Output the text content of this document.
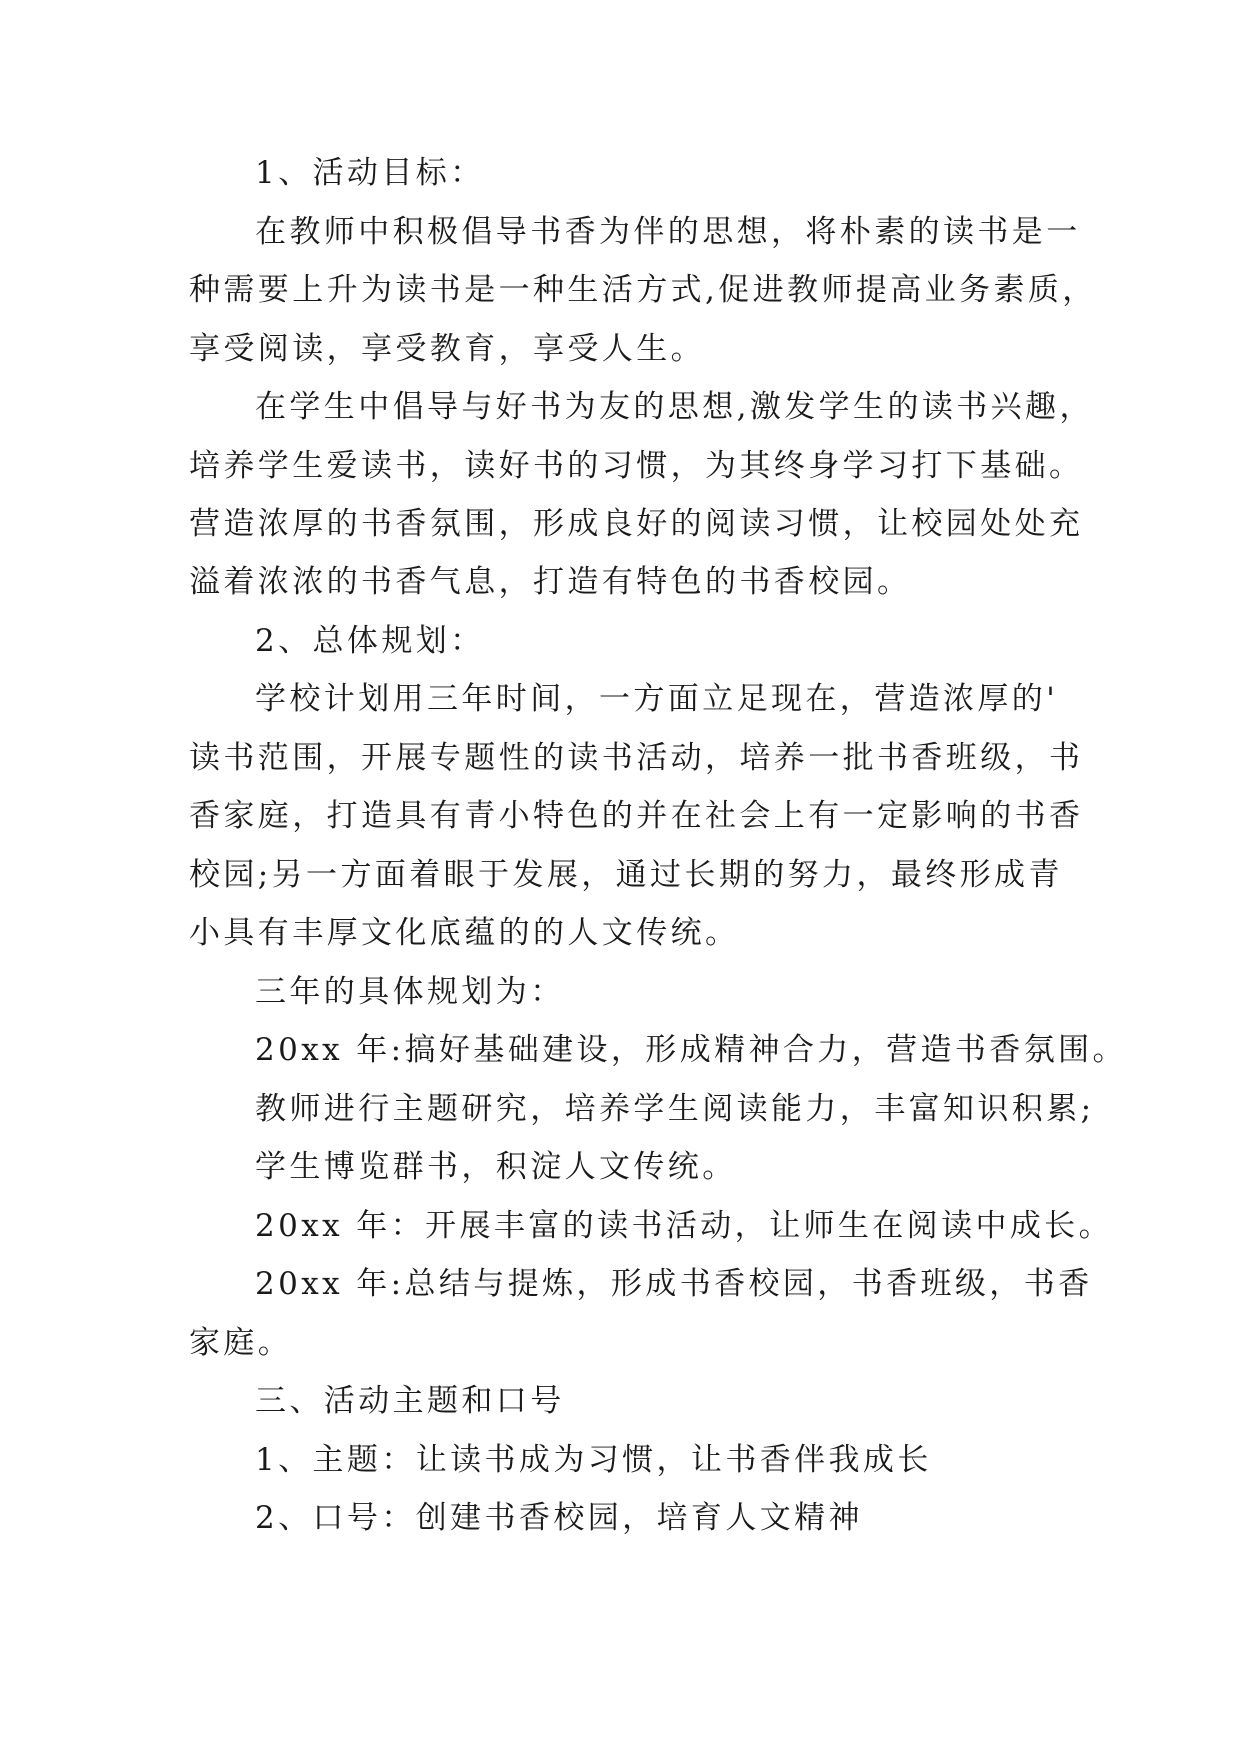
1、活动目标：
在教师中积极倡导书香为伴的思想，将朴素的读书是一
种需要上升为读书是一种生活方式,促进教师提高业务素质，
享受阅读，享受教育，享受人生。
在学生中倡导与好书为友的思想,激发学生的读书兴趣，
培养学生爱读书，读好书的习惯，为其终身学习打下基础。
营造浓厚的书香氛围，形成良好的阅读习惯，让校园处处充
溢着浓浓的书香气息，打造有特色的书香校园。
2、总体规划：
学校计划用三年时间，一方面立足现在，营造浓厚的'
读书范围，开展专题性的读书活动，培养一批书香班级，书
香家庭，打造具有青小特色的并在社会上有一定影响的书香
校园;另一方面着眼于发展，通过长期的努力，最终形成青
小具有丰厚文化底蕴的的人文传统。
三年的具体规划为：
20xx 年:搞好基础建设，形成精神合力，营造书香氛围。
教师进行主题研究，培养学生阅读能力，丰富知识积累;
学生博览群书，积淀人文传统。
20xx 年：开展丰富的读书活动，让师生在阅读中成长。
20xx 年:总结与提炼，形成书香校园，书香班级，书香
家庭。
三、活动主题和口号
1、主题：让读书成为习惯，让书香伴我成长
2、口号：创建书香校园，培育人文精神
